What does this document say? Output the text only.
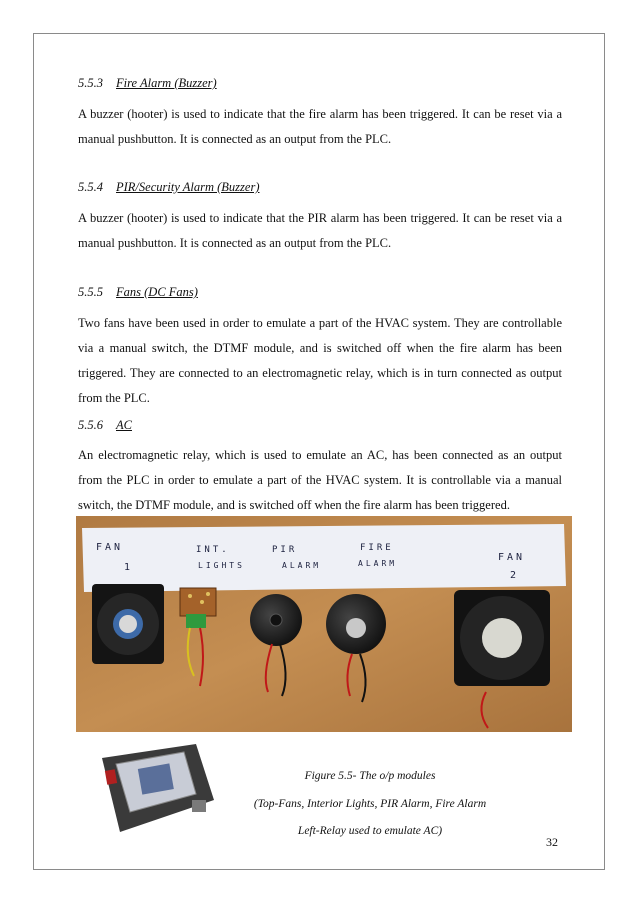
5.5.3 Fire Alarm (Buzzer)
A buzzer (hooter) is used to indicate that the fire alarm has been triggered. It can be reset via a manual pushbutton. It is connected as an output from the PLC.
5.5.4 PIR/Security Alarm (Buzzer)
A buzzer (hooter) is used to indicate that the PIR alarm has been triggered. It can be reset via a manual pushbutton. It is connected as an output from the PLC.
5.5.5 Fans (DC Fans)
Two fans have been used in order to emulate a part of the HVAC system. They are controllable via a manual switch, the DTMF module, and is switched off when the fire alarm has been triggered. They are connected to an electromagnetic relay, which is in turn connected as output from the PLC.
5.5.6 AC
An electromagnetic relay, which is used to emulate an AC, has been connected as an output from the PLC in order to emulate a part of the HVAC system. It is controllable via a manual switch, the DTMF module, and is switched off when the fire alarm has been triggered.
FAN
1
INT.
LIGHTS
PIR
ALARM
FIRE
ALARM
FAN
2
Figure 5.5- The o/p modules
(Top-Fans, Interior Lights, PIR Alarm, Fire Alarm
Left-Relay used to emulate AC)
32
